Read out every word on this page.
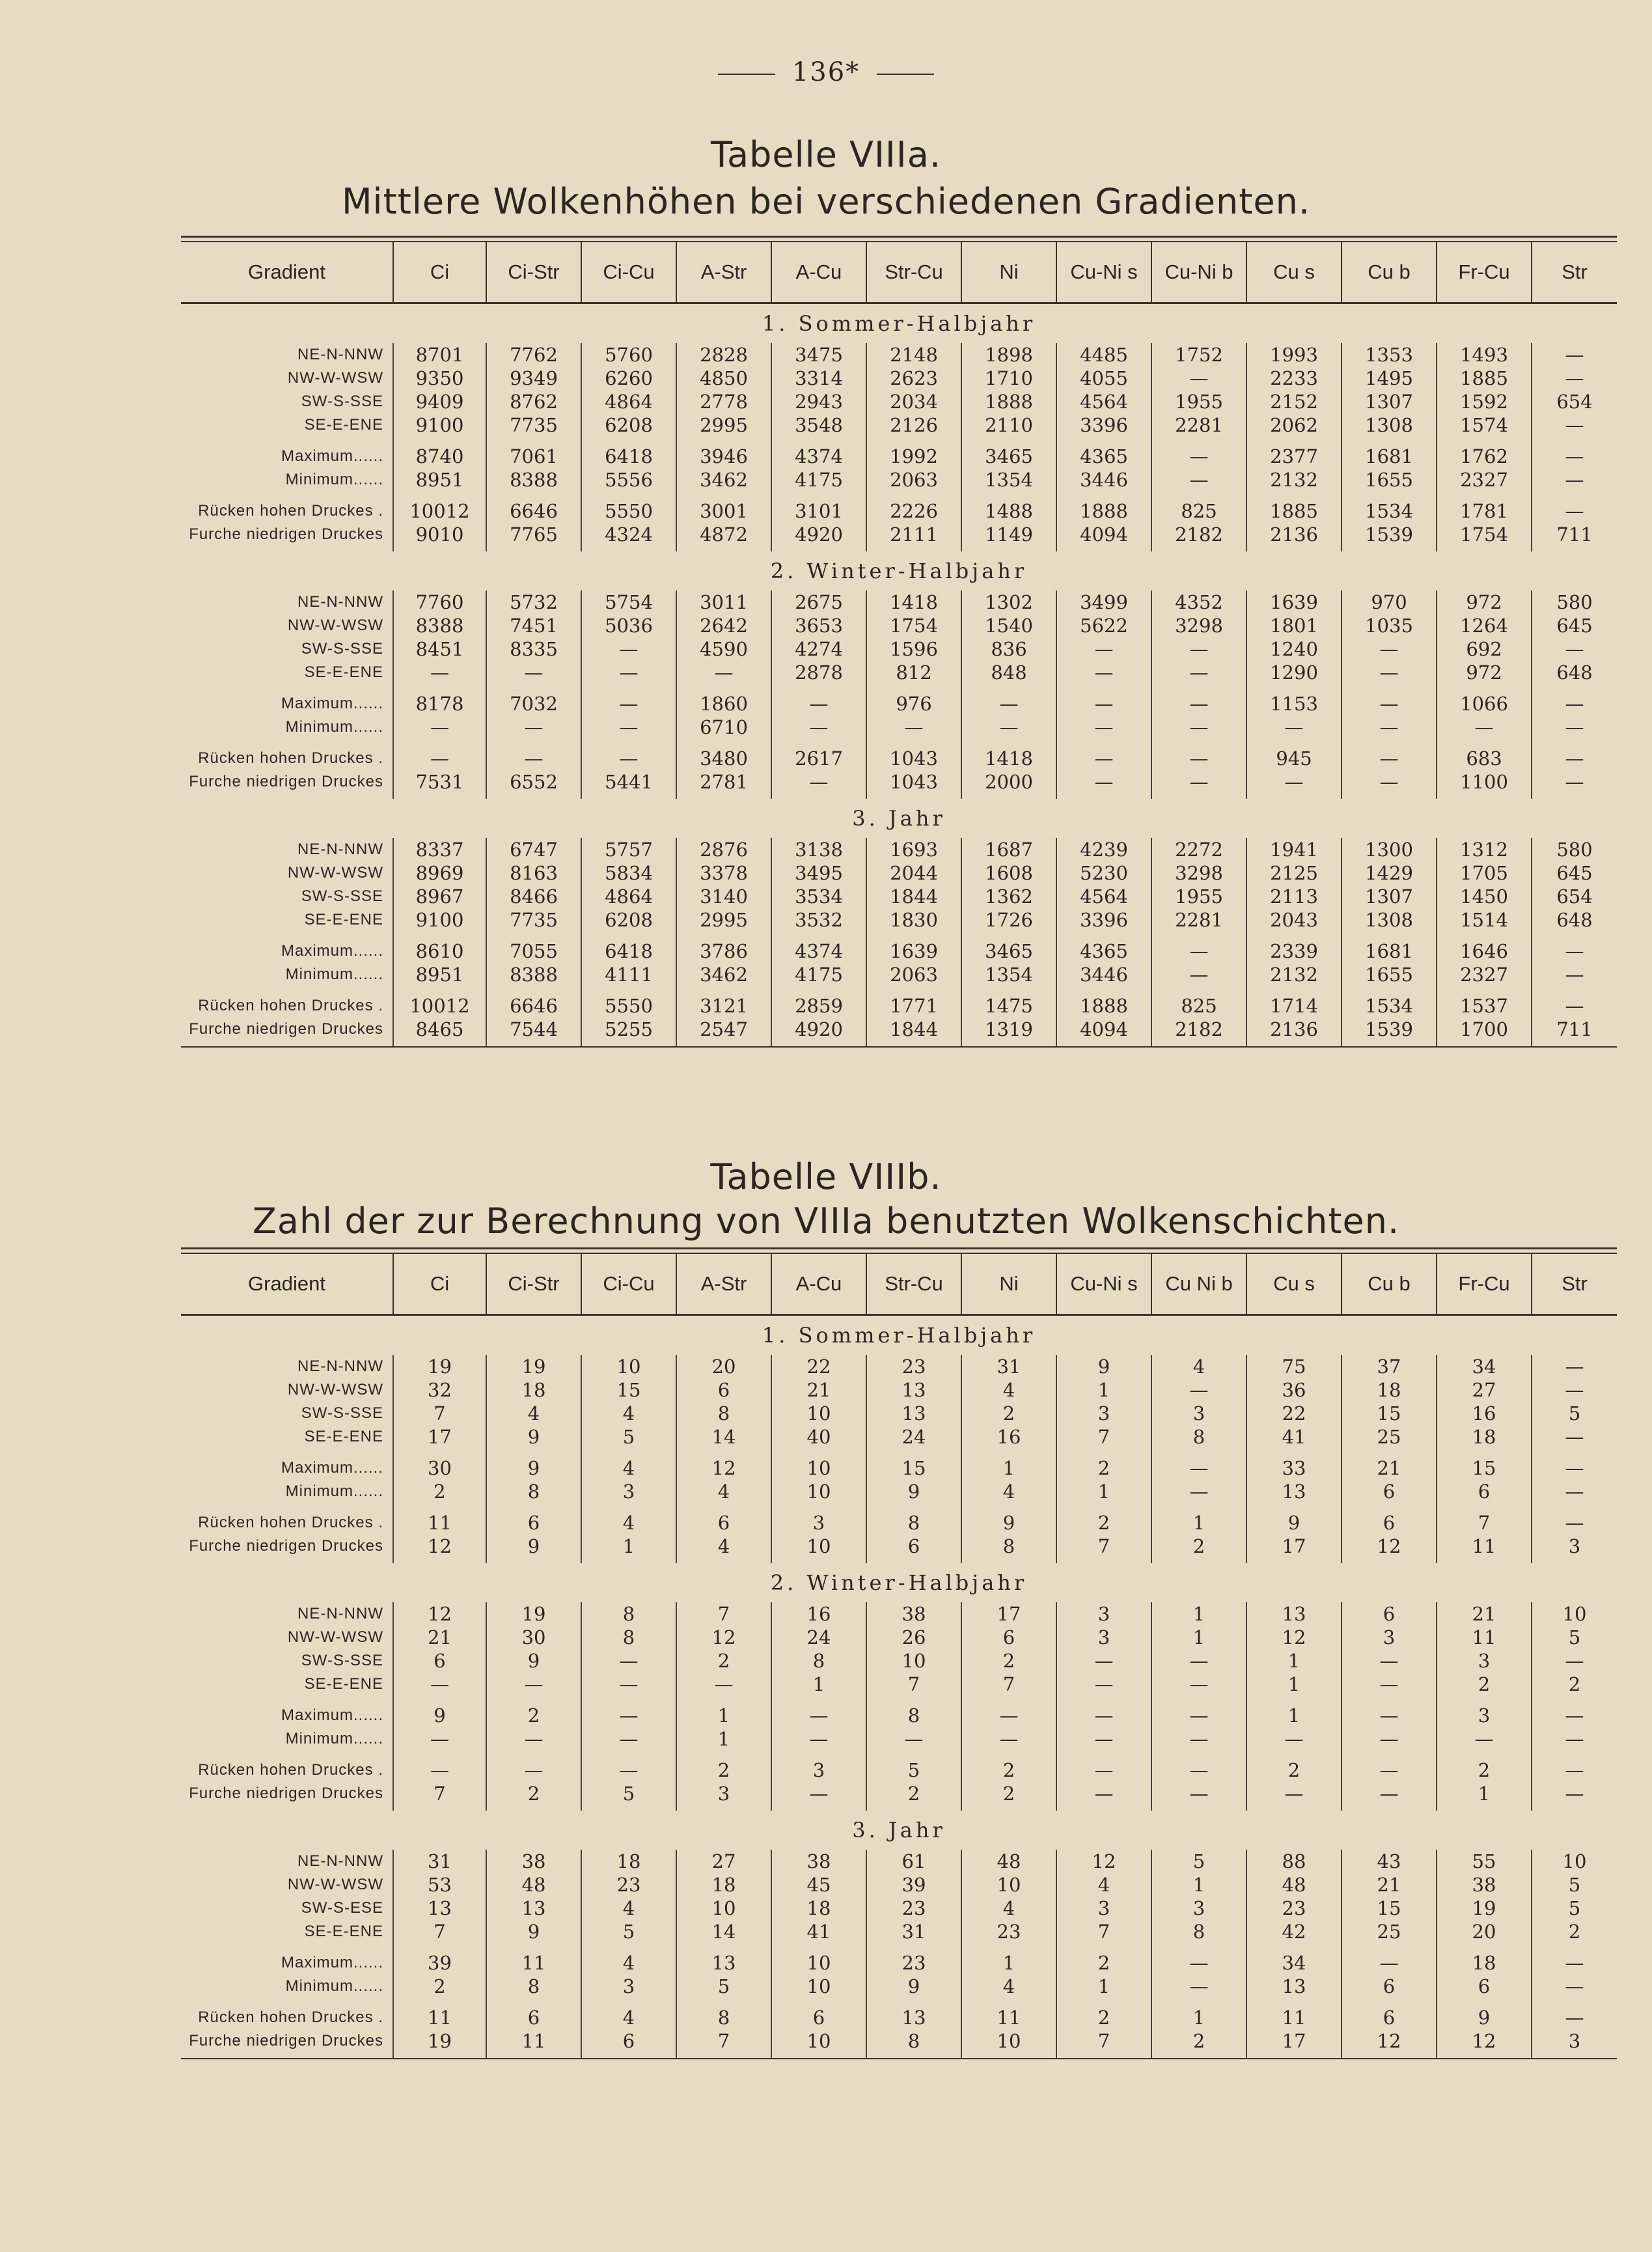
136*
Tabelle VIIIa.
Mittlere Wolkenhöhen bei verschiedenen Gradienten.
Gradient	Ci	Ci-Str	Ci-Cu	A-Str	A-Cu	Str-Cu	Ni	Cu-Ni s	Cu-Ni b	Cu s	Cu b	Fr-Cu	Str
1. Sommer-Halbjahr													
NE-N-NNW	8701	7762	5760	2828	3475	2148	1898	4485	1752	1993	1353	1493	—
NW-W-WSW	9350	9349	6260	4850	3314	2623	1710	4055	—	2233	1495	1885	—
SW-S-SSE	9409	8762	4864	2778	2943	2034	1888	4564	1955	2152	1307	1592	654
SE-E-ENE	9100	7735	6208	2995	3548	2126	2110	3396	2281	2062	1308	1574	—

Maximum......	8740	7061	6418	3946	4374	1992	3465	4365	—	2377	1681	1762	—
Minimum......	8951	8388	5556	3462	4175	2063	1354	3446	—	2132	1655	2327	—

Rücken hohen Druckes .	10012	6646	5550	3001	3101	2226	1488	1888	825	1885	1534	1781	—
Furche niedrigen Druckes	9010	7765	4324	4872	4920	2111	1149	4094	2182	2136	1539	1754	711
2. Winter-Halbjahr													
NE-N-NNW	7760	5732	5754	3011	2675	1418	1302	3499	4352	1639	970	972	580
NW-W-WSW	8388	7451	5036	2642	3653	1754	1540	5622	3298	1801	1035	1264	645
SW-S-SSE	8451	8335	—	4590	4274	1596	836	—	—	1240	—	692	—
SE-E-ENE	—	—	—	—	2878	812	848	—	—	1290	—	972	648

Maximum......	8178	7032	—	1860	—	976	—	—	—	1153	—	1066	—
Minimum......	—	—	—	6710	—	—	—	—	—	—	—	—	—

Rücken hohen Druckes .	—	—	—	3480	2617	1043	1418	—	—	945	—	683	—
Furche niedrigen Druckes	7531	6552	5441	2781	—	1043	2000	—	—	—	—	1100	—
3. Jahr													
NE-N-NNW	8337	6747	5757	2876	3138	1693	1687	4239	2272	1941	1300	1312	580
NW-W-WSW	8969	8163	5834	3378	3495	2044	1608	5230	3298	2125	1429	1705	645
SW-S-SSE	8967	8466	4864	3140	3534	1844	1362	4564	1955	2113	1307	1450	654
SE-E-ENE	9100	7735	6208	2995	3532	1830	1726	3396	2281	2043	1308	1514	648

Maximum......	8610	7055	6418	3786	4374	1639	3465	4365	—	2339	1681	1646	—
Minimum......	8951	8388	4111	3462	4175	2063	1354	3446	—	2132	1655	2327	—

Rücken hohen Druckes .	10012	6646	5550	3121	2859	1771	1475	1888	825	1714	1534	1537	—
Furche niedrigen Druckes	8465	7544	5255	2547	4920	1844	1319	4094	2182	2136	1539	1700	711
Tabelle VIIIb.
Zahl der zur Berechnung von VIIIa benutzten Wolkenschichten.
Gradient	Ci	Ci-Str	Ci-Cu	A-Str	A-Cu	Str-Cu	Ni	Cu-Ni s	Cu Ni b	Cu s	Cu b	Fr-Cu	Str
1. Sommer-Halbjahr													
NE-N-NNW	19	19	10	20	22	23	31	9	4	75	37	34	—
NW-W-WSW	32	18	15	6	21	13	4	1	—	36	18	27	—
SW-S-SSE	7	4	4	8	10	13	2	3	3	22	15	16	5
SE-E-ENE	17	9	5	14	40	24	16	7	8	41	25	18	—

Maximum......	30	9	4	12	10	15	1	2	—	33	21	15	—
Minimum......	2	8	3	4	10	9	4	1	—	13	6	6	—

Rücken hohen Druckes .	11	6	4	6	3	8	9	2	1	9	6	7	—
Furche niedrigen Druckes	12	9	1	4	10	6	8	7	2	17	12	11	3
2. Winter-Halbjahr													
NE-N-NNW	12	19	8	7	16	38	17	3	1	13	6	21	10
NW-W-WSW	21	30	8	12	24	26	6	3	1	12	3	11	5
SW-S-SSE	6	9	—	2	8	10	2	—	—	1	—	3	—
SE-E-ENE	—	—	—	—	1	7	7	—	—	1	—	2	2

Maximum......	9	2	—	1	—	8	—	—	—	1	—	3	—
Minimum......	—	—	—	1	—	—	—	—	—	—	—	—	—

Rücken hohen Druckes .	—	—	—	2	3	5	2	—	—	2	—	2	—
Furche niedrigen Druckes	7	2	5	3	—	2	2	—	—	—	—	1	—
3. Jahr													
NE-N-NNW	31	38	18	27	38	61	48	12	5	88	43	55	10
NW-W-WSW	53	48	23	18	45	39	10	4	1	48	21	38	5
SW-S-ESE	13	13	4	10	18	23	4	3	3	23	15	19	5
SE-E-ENE	7	9	5	14	41	31	23	7	8	42	25	20	2

Maximum......	39	11	4	13	10	23	1	2	—	34	—	18	—
Minimum......	2	8	3	5	10	9	4	1	—	13	6	6	—

Rücken hohen Druckes .	11	6	4	8	6	13	11	2	1	11	6	9	—
Furche niedrigen Druckes	19	11	6	7	10	8	10	7	2	17	12	12	3
